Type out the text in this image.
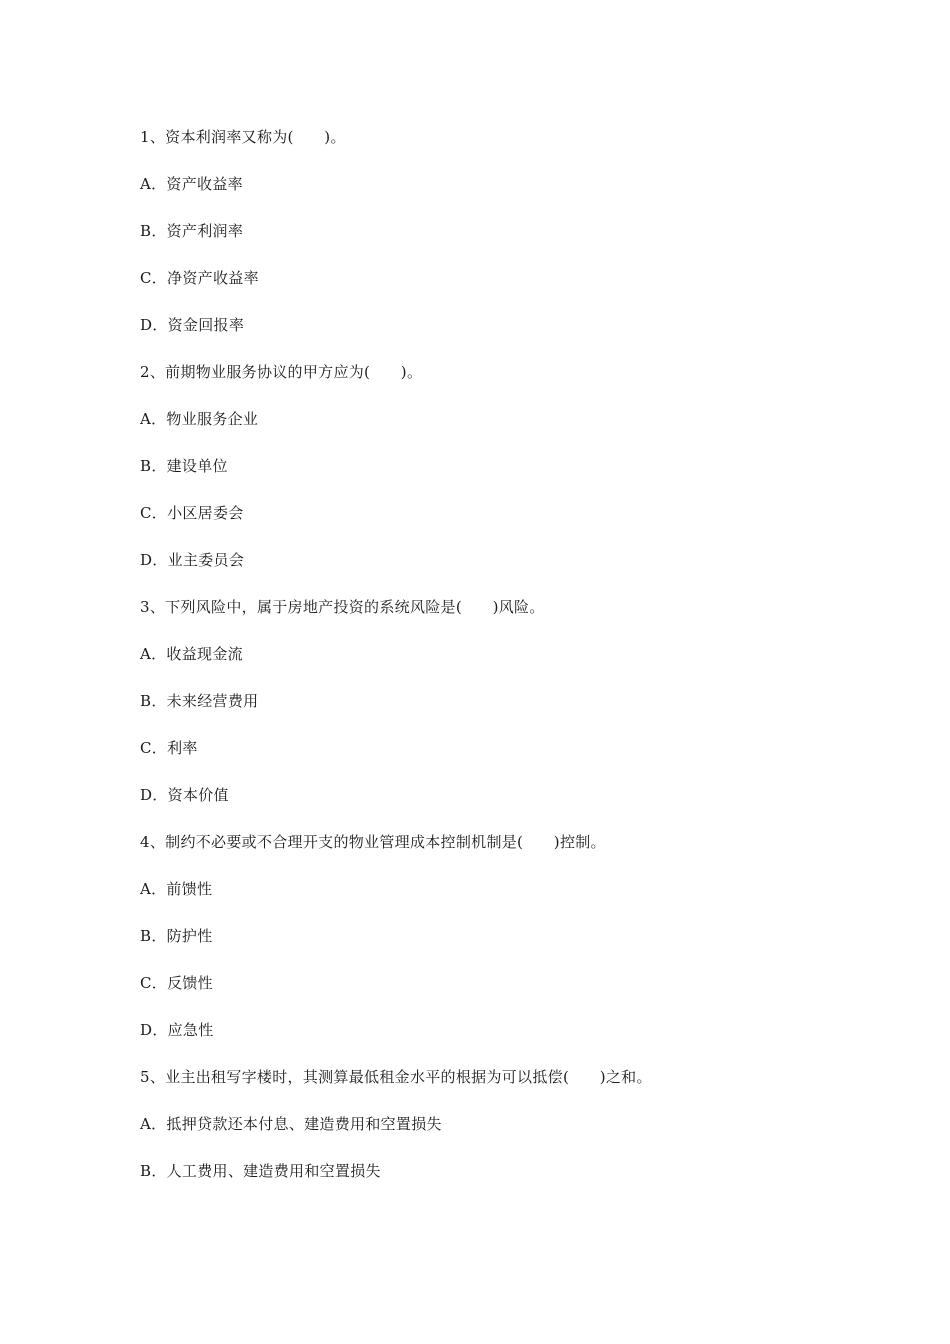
1、资本利润率又称为(　　)。
A．资产收益率
B．资产利润率
C．净资产收益率
D．资金回报率
2、前期物业服务协议的甲方应为(　　)。
A．物业服务企业
B．建设单位
C．小区居委会
D．业主委员会
3、下列风险中，属于房地产投资的系统风险是(　　)风险。
A．收益现金流
B．未来经营费用
C．利率
D．资本价值
4、制约不必要或不合理开支的物业管理成本控制机制是(　　)控制。
A．前馈性
B．防护性
C．反馈性
D．应急性
5、业主出租写字楼时，其测算最低租金水平的根据为可以抵偿(　　)之和。
A．抵押贷款还本付息、建造费用和空置损失
B．人工费用、建造费用和空置损失
